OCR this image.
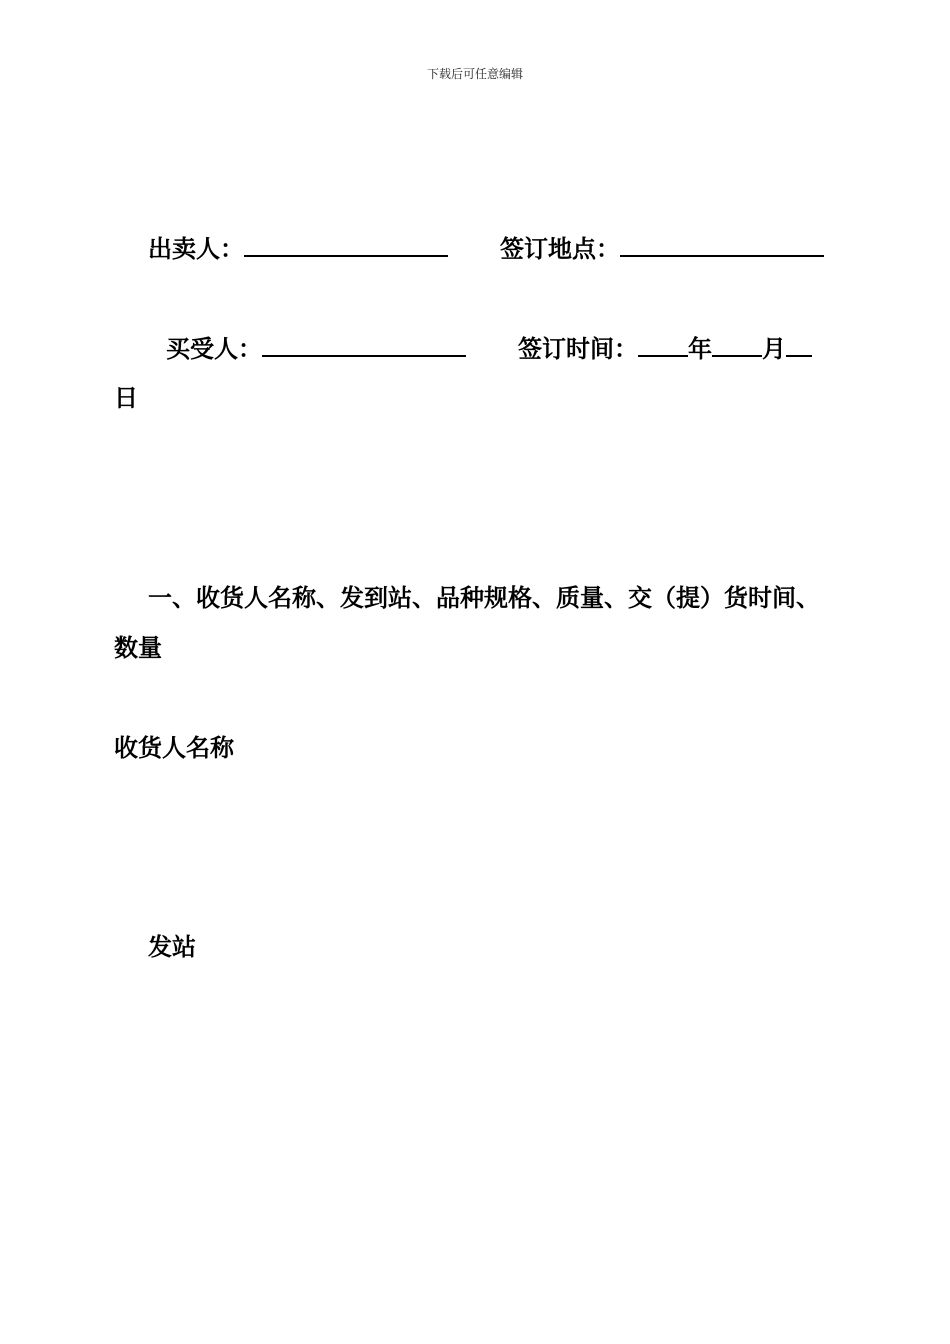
下载后可任意编辑
出卖人：	签订地点：
买受人：	签订时间： 年 月
日
一、收货人名称、发到站、品种规格、质量、交（提）货时间、
数量
收货人名称
发站
